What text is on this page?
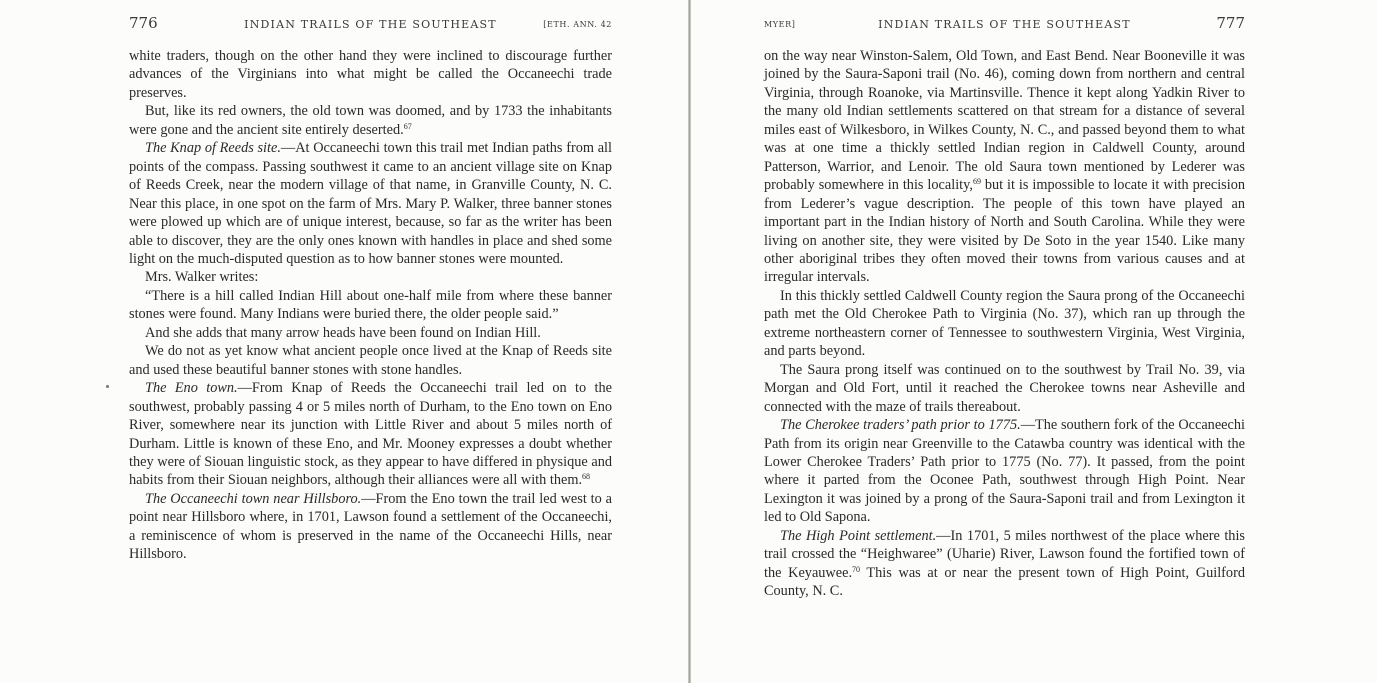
776	INDIAN TRAILS OF THE SOUTHEAST	[ETH. ANN. 42

white traders, though on the other hand they were inclined to discourage further advances of the Virginians into what might be called the Occaneechi trade preserves.

But, like its red owners, the old town was doomed, and by 1733 the inhabitants were gone and the ancient site entirely deserted.$^{67}$

The Knap of Reeds site.—At Occaneechi town this trail met Indian paths from all points of the compass. Passing southwest it came to an ancient village site on Knap of Reeds Creek, near the modern village of that name, in Granville County, N. C. Near this place, in one spot on the farm of Mrs. Mary P. Walker, three banner stones were plowed up which are of unique interest, because, so far as the writer has been able to discover, they are the only ones known with handles in place and shed some light on the much-disputed question as to how banner stones were mounted.

Mrs. Walker writes:

“There is a hill called Indian Hill about one-half mile from where these banner stones were found. Many Indians were buried there, the older people said.”

And she adds that many arrow heads have been found on Indian Hill.

We do not as yet know what ancient people once lived at the Knap of Reeds site and used these beautiful banner stones with stone handles.

The Eno town.—From Knap of Reeds the Occaneechi trail led on to the southwest, probably passing 4 or 5 miles north of Durham, to the Eno town on Eno River, somewhere near its junction with Little River and about 5 miles north of Durham. Little is known of these Eno, and Mr. Mooney expresses a doubt whether they were of Siouan linguistic stock, as they appear to have differed in physique and habits from their Siouan neighbors, although their alliances were all with them.$^{68}$

The Occaneechi town near Hillsboro.—From the Eno town the trail led west to a point near Hillsboro where, in 1701, Lawson found a settlement of the Occaneechi, a reminiscence of whom is preserved in the name of the Occaneechi Hills, near Hillsboro.

MYER]	INDIAN TRAILS OF THE SOUTHEAST	777

on the way near Winston-Salem, Old Town, and East Bend. Near Booneville it was joined by the Saura-Saponi trail (No. 46), coming down from northern and central Virginia, through Roanoke, via Martinsville. Thence it kept along Yadkin River to the many old Indian settlements scattered on that stream for a distance of several miles east of Wilkesboro, in Wilkes County, N. C., and passed beyond them to what was at one time a thickly settled Indian region in Caldwell County, around Patterson, Warrior, and Lenoir. The old Saura town mentioned by Lederer was probably somewhere in this locality,$^{69}$ but it is impossible to locate it with precision from Lederer’s vague description. The people of this town have played an important part in the Indian history of North and South Carolina. While they were living on another site, they were visited by De Soto in the year 1540. Like many other aboriginal tribes they often moved their towns from various causes and at irregular intervals.

In this thickly settled Caldwell County region the Saura prong of the Occaneechi path met the Old Cherokee Path to Virginia (No. 37), which ran up through the extreme northeastern corner of Tennessee to southwestern Virginia, West Virginia, and parts beyond.

The Saura prong itself was continued on to the southwest by Trail No. 39, via Morgan and Old Fort, until it reached the Cherokee towns near Asheville and connected with the maze of trails thereabout.

The Cherokee traders’ path prior to 1775.—The southern fork of the Occaneechi Path from its origin near Greenville to the Catawba country was identical with the Lower Cherokee Traders’ Path prior to 1775 (No. 77). It passed, from the point where it parted from the Oconee Path, southwest through High Point. Near Lexington it was joined by a prong of the Saura-Saponi trail and from Lexington it led to Old Sapona.

The High Point settlement.—In 1701, 5 miles northwest of the place where this trail crossed the “Heighwaree” (Uharie) River, Lawson found the fortified town of the Keyauwee.$^{70}$ This was at or near the present town of High Point, Guilford County, N. C.
